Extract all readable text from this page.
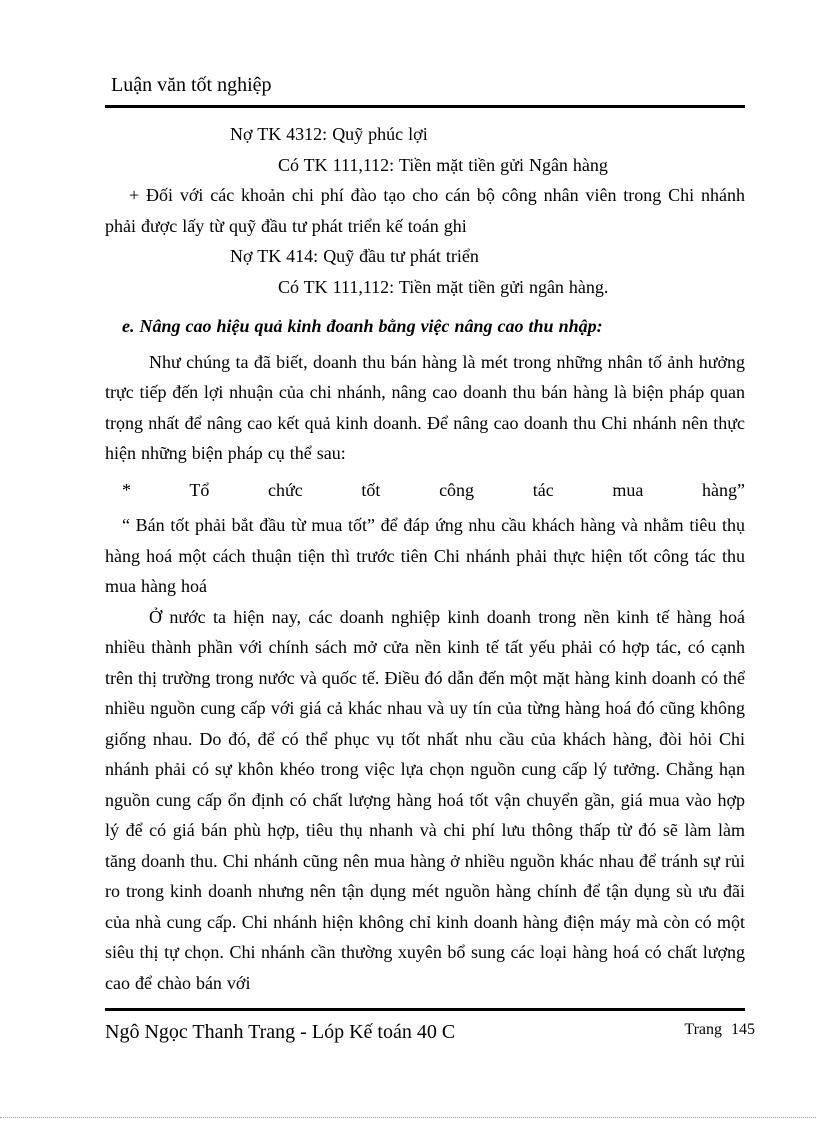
Luận văn tốt nghiệp
Nợ TK 4312: Quỹ phúc lợi
Có TK 111,112: Tiền mặt tiền gửi Ngân hàng
+ Đối với các khoản chi phí đào tạo cho cán bộ công nhân viên trong Chi nhánh phải được lấy từ quỹ đầu tư phát triển kế toán ghi
Nợ TK 414: Quỹ đầu tư phát triển
Có TK 111,112: Tiền mặt tiền gửi ngân hàng.
e. Nâng cao hiệu quả kinh đoanh bằng việc nâng cao thu nhập:
Như chúng ta đã biết, doanh thu bán hàng là mét trong những nhân tố ảnh hưởng trực tiếp đến lợi nhuận của chi nhánh, nâng cao doanh thu bán hàng là biện pháp quan trọng nhất để nâng cao kết quả kinh doanh. Để nâng cao doanh thu Chi nhánh nên thực hiện những biện pháp cụ thể sau:
* Tổ chức tốt công tác mua hàng”
“ Bán tốt phải bắt đầu từ mua tốt” để đáp ứng nhu cầu khách hàng và nhằm tiêu thụ hàng hoá một cách thuận tiện thì trước tiên Chi nhánh phải thực hiện tốt công tác thu mua hàng hoá
Ở nước ta hiện nay, các doanh nghiệp kinh doanh trong nền kinh tế hàng hoá nhiều thành phần với chính sách mở cửa nền kinh tế tất yếu phải có hợp tác, có cạnh trên thị trường trong nước và quốc tế. Điều đó dẫn đến một mặt hàng kinh doanh có thể nhiều nguồn cung cấp với giá cả khác nhau và uy tín của từng hàng hoá đó cũng không giống nhau. Do đó, để có thể phục vụ tốt nhất nhu cầu của khách hàng, đòi hỏi Chi nhánh phải có sự khôn khéo trong việc lựa chọn nguồn cung cấp lý tưởng. Chẳng hạn nguồn cung cấp ổn định có chất lượng hàng hoá tốt vận chuyển gần, giá mua vào hợp lý để có giá bán phù hợp, tiêu thụ nhanh và chi phí lưu thông thấp từ đó sẽ làm làm tăng doanh thu. Chi nhánh cũng nên mua hàng ở nhiều nguồn khác nhau để tránh sự rủi ro trong kinh doanh nhưng nên tận dụng mét nguồn hàng chính để tận dụng sù ưu đãi của nhà cung cấp. Chi nhánh hiện không chỉ kinh doanh hàng điện máy mà còn có một siêu thị tự chọn. Chi nhánh cần thường xuyên bổ sung các loại hàng hoá có chất lượng cao để chào bán với
Ngô Ngọc Thanh Trang - Lóp Kế toán 40 C	Trang 145
